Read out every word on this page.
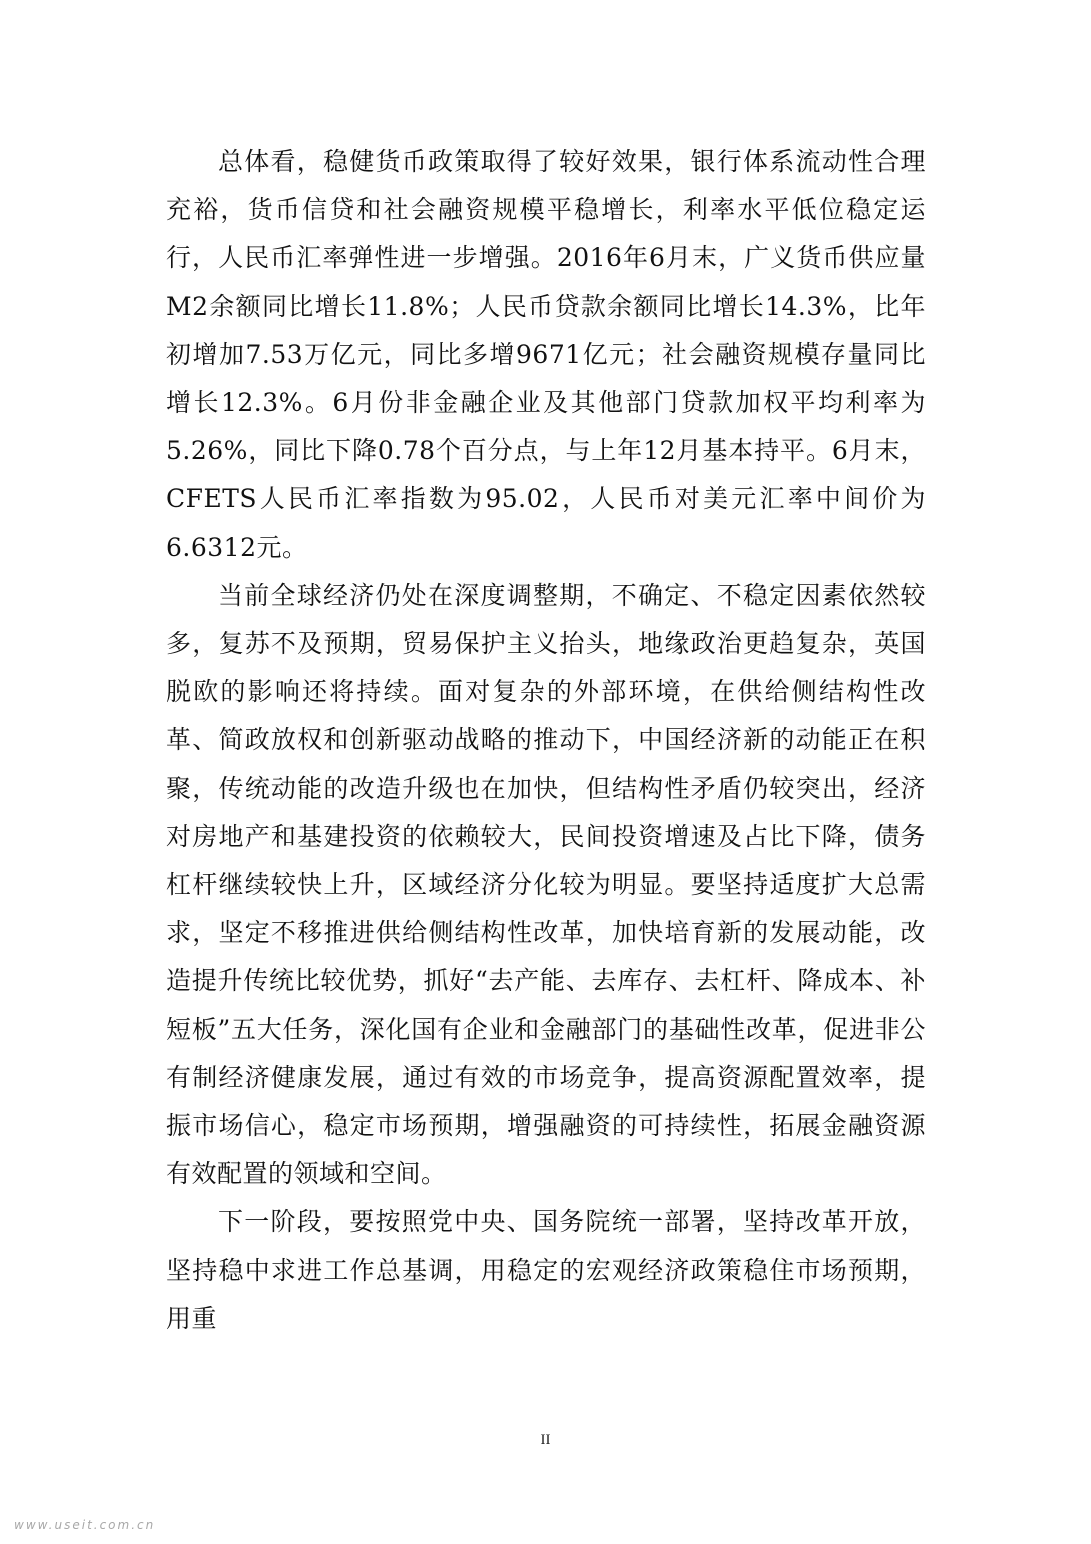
总体看，稳健货币政策取得了较好效果，银行体系流动性合理充裕，货币信贷和社会融资规模平稳增长，利率水平低位稳定运行，人民币汇率弹性进一步增强。2016年6月末，广义货币供应量M2余额同比增长11.8%；人民币贷款余额同比增长14.3%，比年初增加7.53万亿元，同比多增9671亿元；社会融资规模存量同比增长12.3%。6月份非金融企业及其他部门贷款加权平均利率为 5.26%，同比下降0.78个百分点，与上年12月基本持平。6月末，CFETS人民币汇率指数为95.02，人民币对美元汇率中间价为6.6312元。

当前全球经济仍处在深度调整期，不确定、不稳定因素依然较多，复苏不及预期，贸易保护主义抬头，地缘政治更趋复杂，英国脱欧的影响还将持续。面对复杂的外部环境，在供给侧结构性改革、简政放权和创新驱动战略的推动下，中国经济新的动能正在积聚，传统动能的改造升级也在加快，但结构性矛盾仍较突出，经济对房地产和基建投资的依赖较大，民间投资增速及占比下降，债务杠杆继续较快上升，区域经济分化较为明显。要坚持适度扩大总需求，坚定不移推进供给侧结构性改革，加快培育新的发展动能，改造提升传统比较优势，抓好“去产能、去库存、去杠杆、降成本、补短板”五大任务，深化国有企业和金融部门的基础性改革，促进非公有制经济健康发展，通过有效的市场竞争，提高资源配置效率，提振市场信心，稳定市场预期，增强融资的可持续性，拓展金融资源有效配置的领域和空间。

下一阶段，要按照党中央、国务院统一部署，坚持改革开放，坚持稳中求进工作总基调，用稳定的宏观经济政策稳住市场预期，用重

II
www.useit.com.cn
